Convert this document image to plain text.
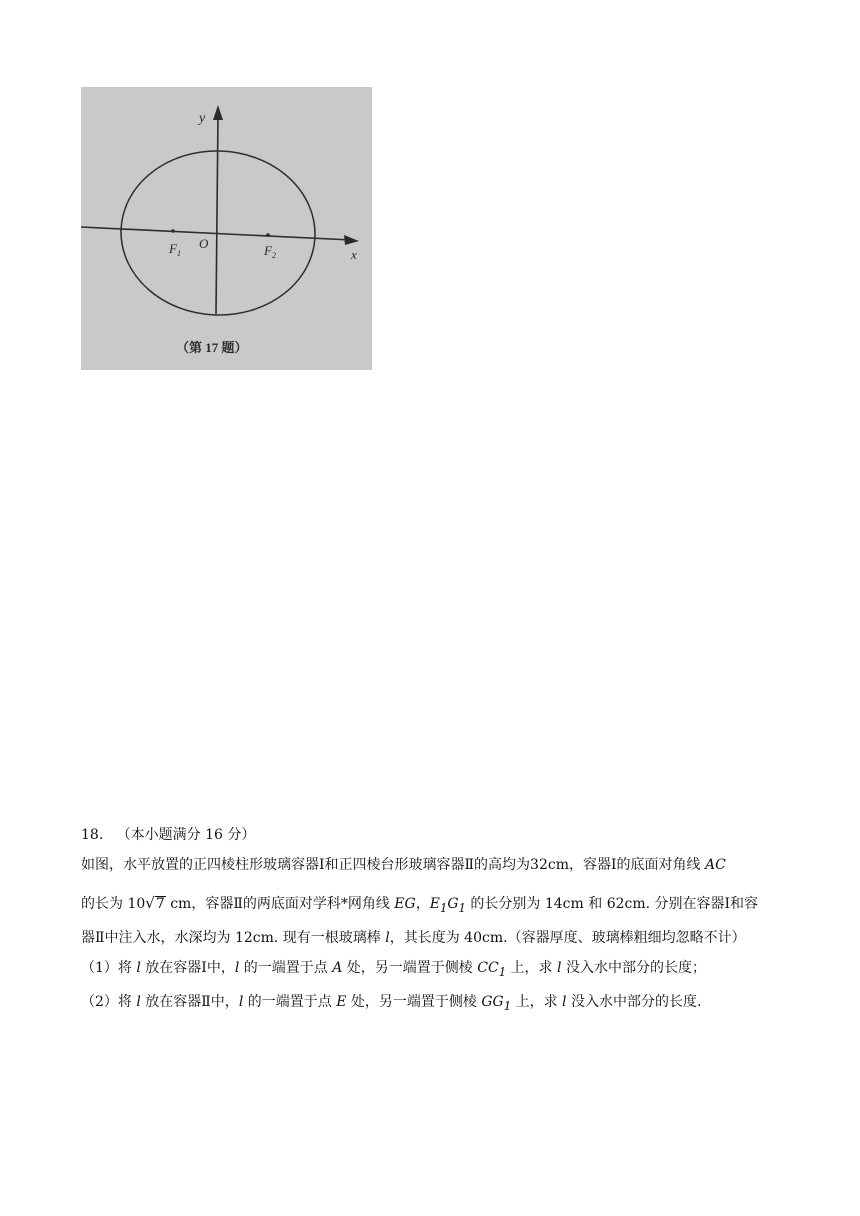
y
x
O
$F_1$	$F_2$
（第 17 题）
18. （本小题满分 16 分）
如图，水平放置的正四棱柱形玻璃容器Ⅰ和正四棱台形玻璃容器Ⅱ的高均为32cm，容器Ⅰ的底面对角线 AC
的长为 10√7 cm，容器Ⅱ的两底面对学科*网角线 EG，$E_1G_1$ 的长分别为 14cm 和 62cm. 分别在容器Ⅰ和容
器Ⅱ中注入水，水深均为 12cm. 现有一根玻璃棒 l，其长度为 40cm.（容器厚度、玻璃棒粗细均忽略不计）
（1）将 l 放在容器Ⅰ中，l 的一端置于点 A 处，另一端置于侧棱 $CC_1$ 上，求 l 没入水中部分的长度；
（2）将 l 放在容器Ⅱ中，l 的一端置于点 E 处，另一端置于侧棱 $GG_1$ 上，求 l 没入水中部分的长度.
